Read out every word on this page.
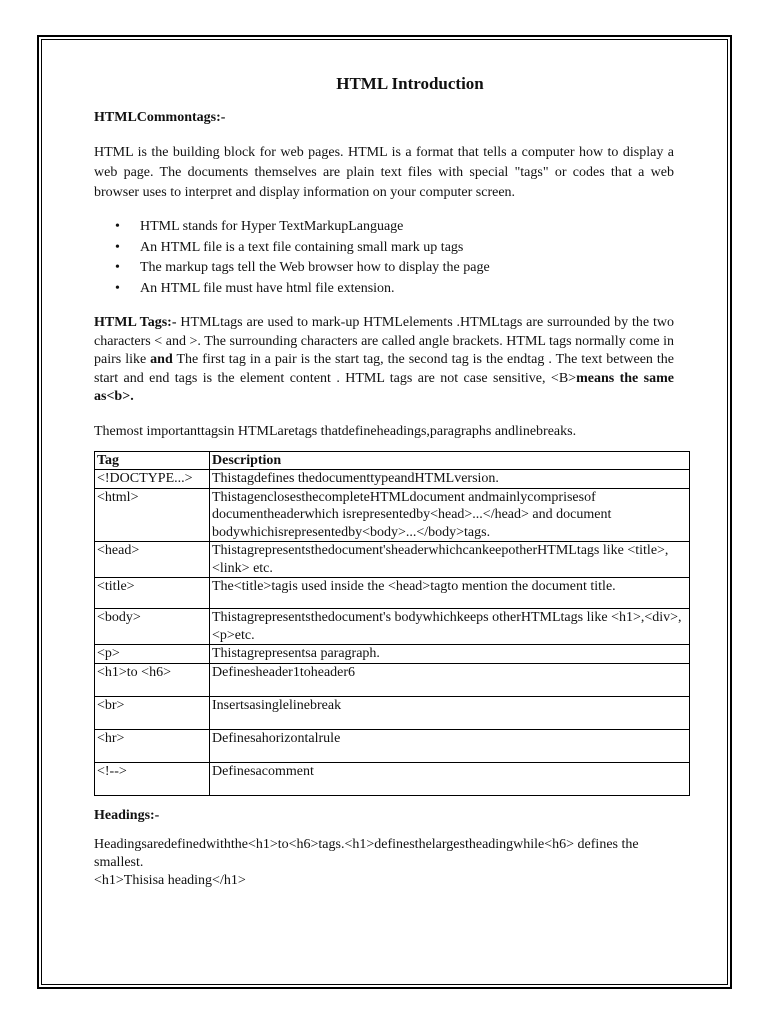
HTML Introduction

HTMLCommontags:-

HTML is the building block for web pages. HTML is a format that tells a computer how to display a web page. The documents themselves are plain text files with special "tags" or codes that a web browser uses to interpret and display information on your computer screen.

• HTML stands for Hyper TextMarkupLanguage
• An HTML file is a text file containing small mark up tags
• The markup tags tell the Web browser how to display the page
• An HTML file must have html file extension.

HTML Tags:- HTMLtags are used to mark-up HTMLelements .HTMLtags are surrounded by the two characters < and >. The surrounding characters are called angle brackets. HTML tags normally come in pairs like and The first tag in a pair is the start tag, the second tag is the endtag . The text between the start and end tags is the element content . HTML tags are not case sensitive, <B>means the same as<b>.

Themost importanttagsin HTMLaretags thatdefineheadings,paragraphs andlinebreaks.

Tag	Description
<!DOCTYPE...>	Thistagdefines thedocumenttypeandHTMLversion.
<html>	ThistagenclosesthecompleteHTMLdocument andmainlycomprisesof documentheaderwhich isrepresentedby<head>...</head> and document bodywhichisrepresentedby<body>...</body>tags.
<head>	Thistagrepresentsthedocument'sheaderwhichcankeepotherHTMLtags like <title>, <link> etc.
<title>	The<title>tagis used inside the <head>tagto mention the document title.
<body>	Thistagrepresentsthedocument's bodywhichkeeps otherHTMLtags like <h1>,<div>, <p>etc.
<p>	Thistagrepresentsa paragraph.
<h1>to <h6>	Definesheader1toheader6
<br>	Insertsasinglelinebreak
<hr>	Definesahorizontalrule
<!-->	Definesacomment

Headings:-

Headingsaredefinedwiththe<h1>to<h6>tags.<h1>definesthelargestheadingwhile<h6> defines the smallest.

<h1>Thisisa heading</h1>
